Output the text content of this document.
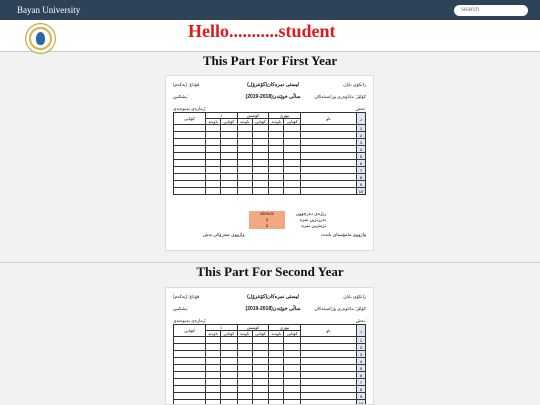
Bayan University
search
Hello...........student
This Part For First Year
قۆناغ: (يەكەم)
پشکنین:
ژمارەی پەیوەندی:
لیستی نمرەکان(کۆنترۆل)
ساڵی خوێندن(2018-2019)
زانکۆی بایان
کۆلێژ: ماناوەری وزانستەکان
بەش:
کۆتایی	٪		کۆشش		تیۆری		ناو	ز
	ناوەند	کۆتایی	ناوەند	کۆتایی	ناوەند	کۆتایی		
								1
								2
								3
								4
								5
								6
								7
								8
								9
								10
#DIV/0!
0
0
رێژەی دەرچوون
بەرزترین نمرە
نزمترین نمرە
واژووی سەرۆکی بەش	واژووی مامۆستای بابەت
This Part For Second Year
قۆناغ: (يەكەم)
پشکنین:
ژمارەی پەیوەندی:
لیستی نمرەکان(کۆنترۆل)
ساڵی خوێندن(2018-2019)
زانکۆی بایان
کۆلێژ: ماناوەری وزانستەکان
بەش:
کۆتایی	٪		کۆشش		تیۆری		ناو	ز
	ناوەند	کۆتایی	ناوەند	کۆتایی	ناوەند	کۆتایی		
								1
								2
								3
								4
								5
								6
								7
								8
								9
								10
